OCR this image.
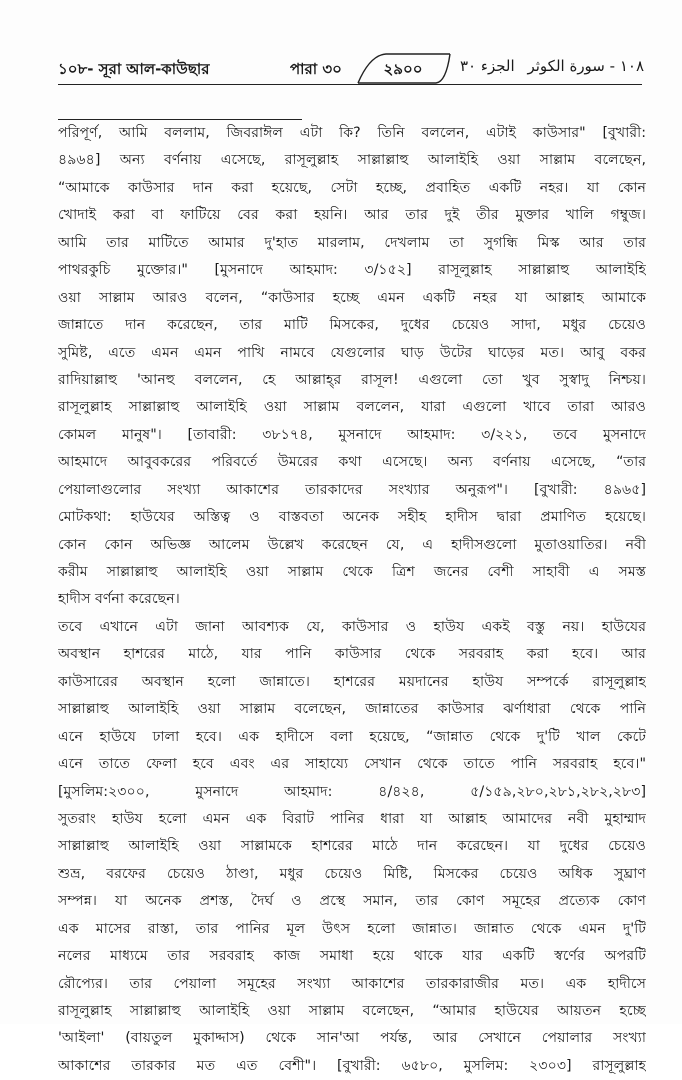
১০৮- সূরা আল-কাউছার	পারা ৩০	২৯০০	الجزء ٣٠ ١٠٨ - سورة الكوثر
পরিপূর্ণ, আমি বললাম, জিবরাঈল এটা কি? তিনি বললেন, এটাই কাউসার" [বুখারী:
৪৯৬৪] অন্য বর্ণনায় এসেছে, রাসূলুল্লাহ সাল্লাল্লাহু আলাইহি ওয়া সাল্লাম বলেছেন,
“আমাকে কাউসার দান করা হয়েছে, সেটা হচ্ছে, প্রবাহিত একটি নহর। যা কোন
খোদাই করা বা ফাটিয়ে বের করা হয়নি। আর তার দুই তীর মুক্তার খালি গম্বুজ।
আমি তার মাটিতে আমার দু'হাত মারলাম, দেখলাম তা সুগন্ধি মিস্ক আর তার
পাথরকুচি মুক্তোর।" [মুসনাদে আহমাদ: ৩/১৫২] রাসূলুল্লাহ সাল্লাল্লাহু আলাইহি
ওয়া সাল্লাম আরও বলেন, “কাউসার হচ্ছে এমন একটি নহর যা আল্লাহ আমাকে
জান্নাতে দান করেছেন, তার মাটি মিসকের, দুধের চেয়েও সাদা, মধুর চেয়েও
সুমিষ্ট, এতে এমন এমন পাখি নামবে যেগুলোর ঘাড় উটের ঘাড়ের মত। আবু বকর
রাদিয়াল্লাহু 'আনহু বললেন, হে আল্লাহ্‌র রাসূল! এগুলো তো খুব সুস্বাদু নিশ্চয়।
রাসূলুল্লাহ সাল্লাল্লাহু আলাইহি ওয়া সাল্লাম বললেন, যারা এগুলো খাবে তারা আরও
কোমল মানুষ"। [তাবারী: ৩৮১৭৪, মুসনাদে আহমাদ: ৩/২২১, তবে মুসনাদে
আহমাদে আবুবকরের পরিবর্তে উমরের কথা এসেছে। অন্য বর্ণনায় এসেছে, “তার
পেয়ালাগুলোর সংখ্যা আকাশের তারকাদের সংখ্যার অনুরূপ"। [বুখারী: ৪৯৬৫]
মোটকথা: হাউযের অস্তিত্ব ও বাস্তবতা অনেক সহীহ হাদীস দ্বারা প্রমাণিত হয়েছে।
কোন কোন অভিজ্ঞ আলেম উল্লেখ করেছেন যে, এ হাদীসগুলো মুতাওয়াতির। নবী
করীম সাল্লাল্লাহু আলাইহি ওয়া সাল্লাম থেকে ত্রিশ জনের বেশী সাহাবী এ সমস্ত
হাদীস বর্ণনা করেছেন।
তবে এখানে এটা জানা আবশ্যক যে, কাউসার ও হাউয একই বস্তু নয়। হাউযের
অবস্থান হাশরের মাঠে, যার পানি কাউসার থেকে সরবরাহ করা হবে। আর
কাউসারের অবস্থান হলো জান্নাতে। হাশরের ময়দানের হাউয সম্পর্কে রাসূলুল্লাহ
সাল্লাল্লাহু আলাইহি ওয়া সাল্লাম বলেছেন, জান্নাতের কাউসার ঝর্ণাধারা থেকে পানি
এনে হাউযে ঢালা হবে। এক হাদীসে বলা হয়েছে, “জান্নাত থেকে দু'টি খাল কেটে
এনে তাতে ফেলা হবে এবং এর সাহায্যে সেখান থেকে তাতে পানি সরবরাহ হবে।"
[মুসলিম:২৩০০, মুসনাদে আহমাদ: ৪/৪২৪, ৫/১৫৯,২৮০,২৮১,২৮২,২৮৩]
সুতরাং হাউয হলো এমন এক বিরাট পানির ধারা যা আল্লাহ আমাদের নবী মুহাম্মাদ
সাল্লাল্লাহু আলাইহি ওয়া সাল্লামকে হাশরের মাঠে দান করেছেন। যা দুধের চেয়েও
শুভ্র, বরফের চেয়েও ঠাণ্ডা, মধুর চেয়েও মিষ্টি, মিসকের চেয়েও অধিক সুঘ্রাণ
সম্পন্ন। যা অনেক প্রশস্ত, দৈর্ঘ ও প্রস্থে সমান, তার কোণ সমূহের প্রত্যেক কোণ
এক মাসের রাস্তা, তার পানির মূল উৎস হলো জান্নাত। জান্নাত থেকে এমন দু'টি
নলের মাধ্যমে তার সরবরাহ কাজ সমাধা হয়ে থাকে যার একটি স্বর্ণের অপরটি
রৌপ্যের। তার পেয়ালা সমূহের সংখ্যা আকাশের তারকারাজীর মত। এক হাদীসে
রাসূলুল্লাহ সাল্লাল্লাহু আলাইহি ওয়া সাল্লাম বলেছেন, “আমার হাউযের আয়তন হচ্ছে
'আইলা' (বায়তুল মুকাদ্দাস) থেকে সান'আ পর্যন্ত, আর সেখানে পেয়ালার সংখ্যা
আকাশের তারকার মত এত বেশী"। [বুখারী: ৬৫৮০, মুসলিম: ২৩০৩] রাসূলুল্লাহ
